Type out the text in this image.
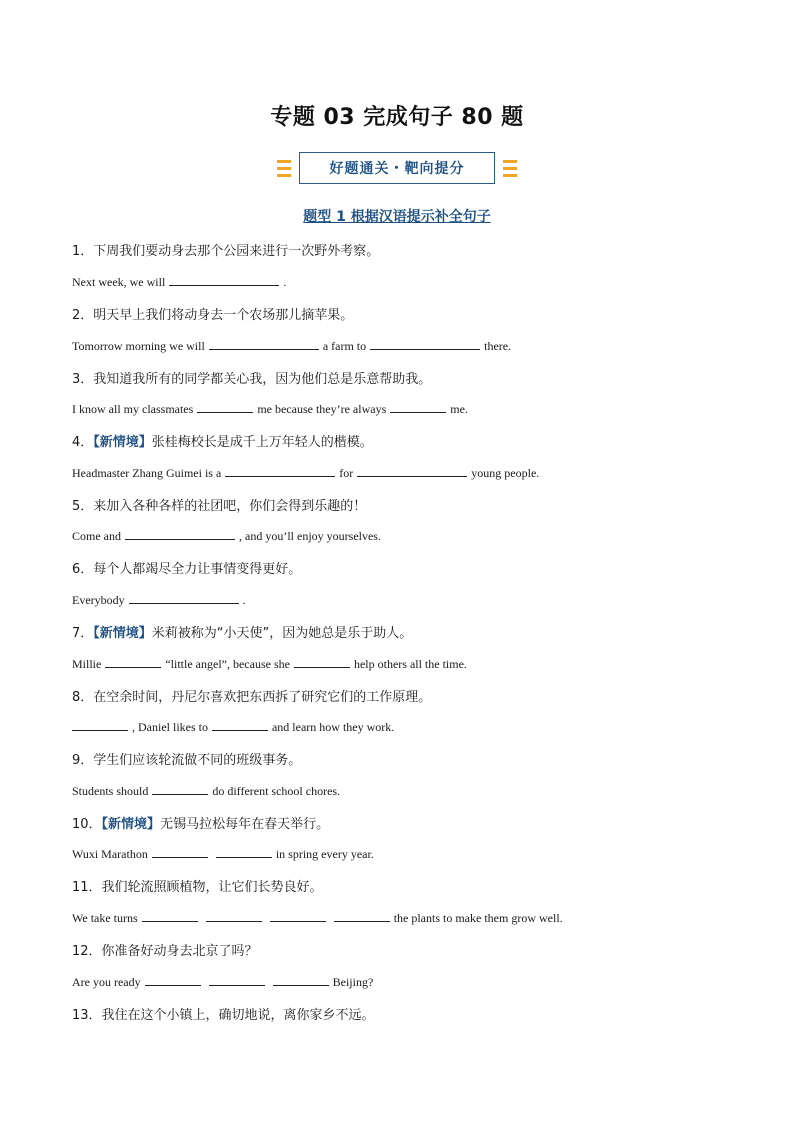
专题 03 完成句子 80 题
好题通关・靶向提分
题型 1 根据汉语提示补全句子
1．下周我们要动身去那个公园来进行一次野外考察。
Next week, we will	.
2．明天早上我们将动身去一个农场那儿摘苹果。
Tomorrow morning we will	a farm to	there.
3．我知道我所有的同学都关心我，因为他们总是乐意帮助我。
I know all my classmates	me because they’re always	me.
4．【新情境】张桂梅校长是成千上万年轻人的楷模。
Headmaster Zhang Guimei is a	for	young people.
5．来加入各种各样的社团吧，你们会得到乐趣的！
Come and	, and you’ll enjoy yourselves.
6．每个人都竭尽全力让事情变得更好。
Everybody	.
7．【新情境】米莉被称为“小天使”，因为她总是乐于助人。
Millie	“little angel”, because she	help others all the time.
8．在空余时间，丹尼尔喜欢把东西拆了研究它们的工作原理。
, Daniel likes to	and learn how they work.
9．学生们应该轮流做不同的班级事务。
Students should	do different school chores.
10．【新情境】无锡马拉松每年在春天举行。
Wuxi Marathon	in spring every year.
11．我们轮流照顾植物，让它们长势良好。
We take turns	the plants to make them grow well.
12．你准备好动身去北京了吗？
Are you ready	Beijing?
13．我住在这个小镇上，确切地说，离你家乡不远。
